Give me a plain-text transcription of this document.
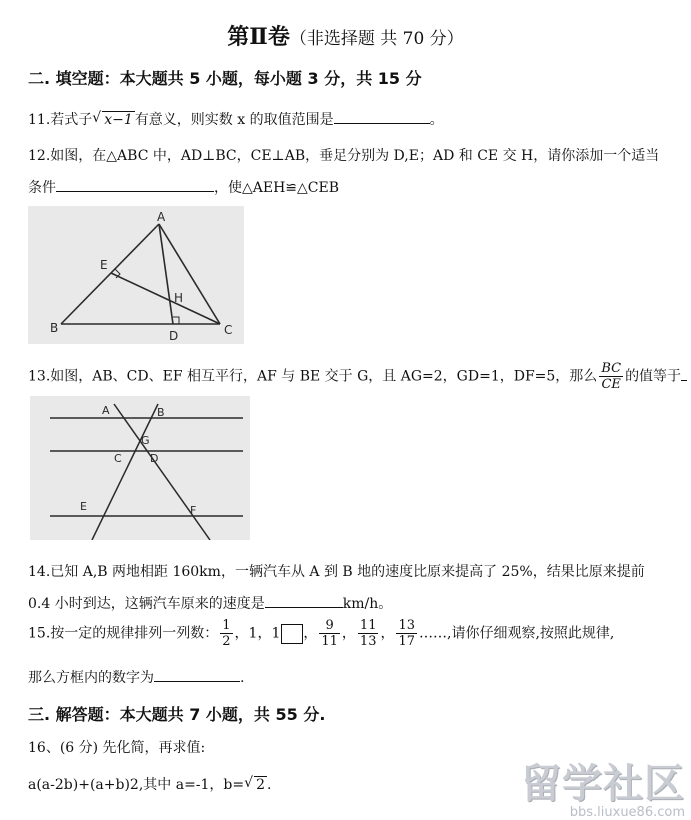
第Ⅱ卷（非选择题 共 70 分）
二. 填空题：本大题共 5 小题，每小题 3 分，共 15 分
11.若式子 √ x−1 有意义，则实数 x 的取值范围是	。
12.如图，在△ABC 中，AD⊥BC，CE⊥AB，垂足分别为 D,E；AD 和 CE 交 H，请你添加一个适当
条件	，使△AEH≌△CEB
A
B	C
D
E
H
13.如图，AB、CD、EF 相互平行，AF 与 BE 交于 G，且 AG=2，GD=1，DF=5，那么 $\frac{BC}{CE}$ 的值等于
A	B
C	D
E	F
G
14.已知 A,B 两地相距 160km，一辆汽车从 A 到 B 地的速度比原来提高了 25%，结果比原来提前
0.4 小时到达，这辆汽车原来的速度是	km/h。
15.按一定的规律排列一列数： $\frac{1}{2}$ ，1，1 ， $\frac{9}{11}$ ， $\frac{11}{13}$ ， $\frac{13}{17}$ ……,请你仔细观察,按照此规律,
那么方框内的数字为	.
三. 解答题：本大题共 7 小题，共 55 分.
16、(6 分) 先化简，再求值:
a(a-2b)+(a+b)2,其中 a=-1，b= √ 2 .	留学社区
bbs.liuxue86.com
